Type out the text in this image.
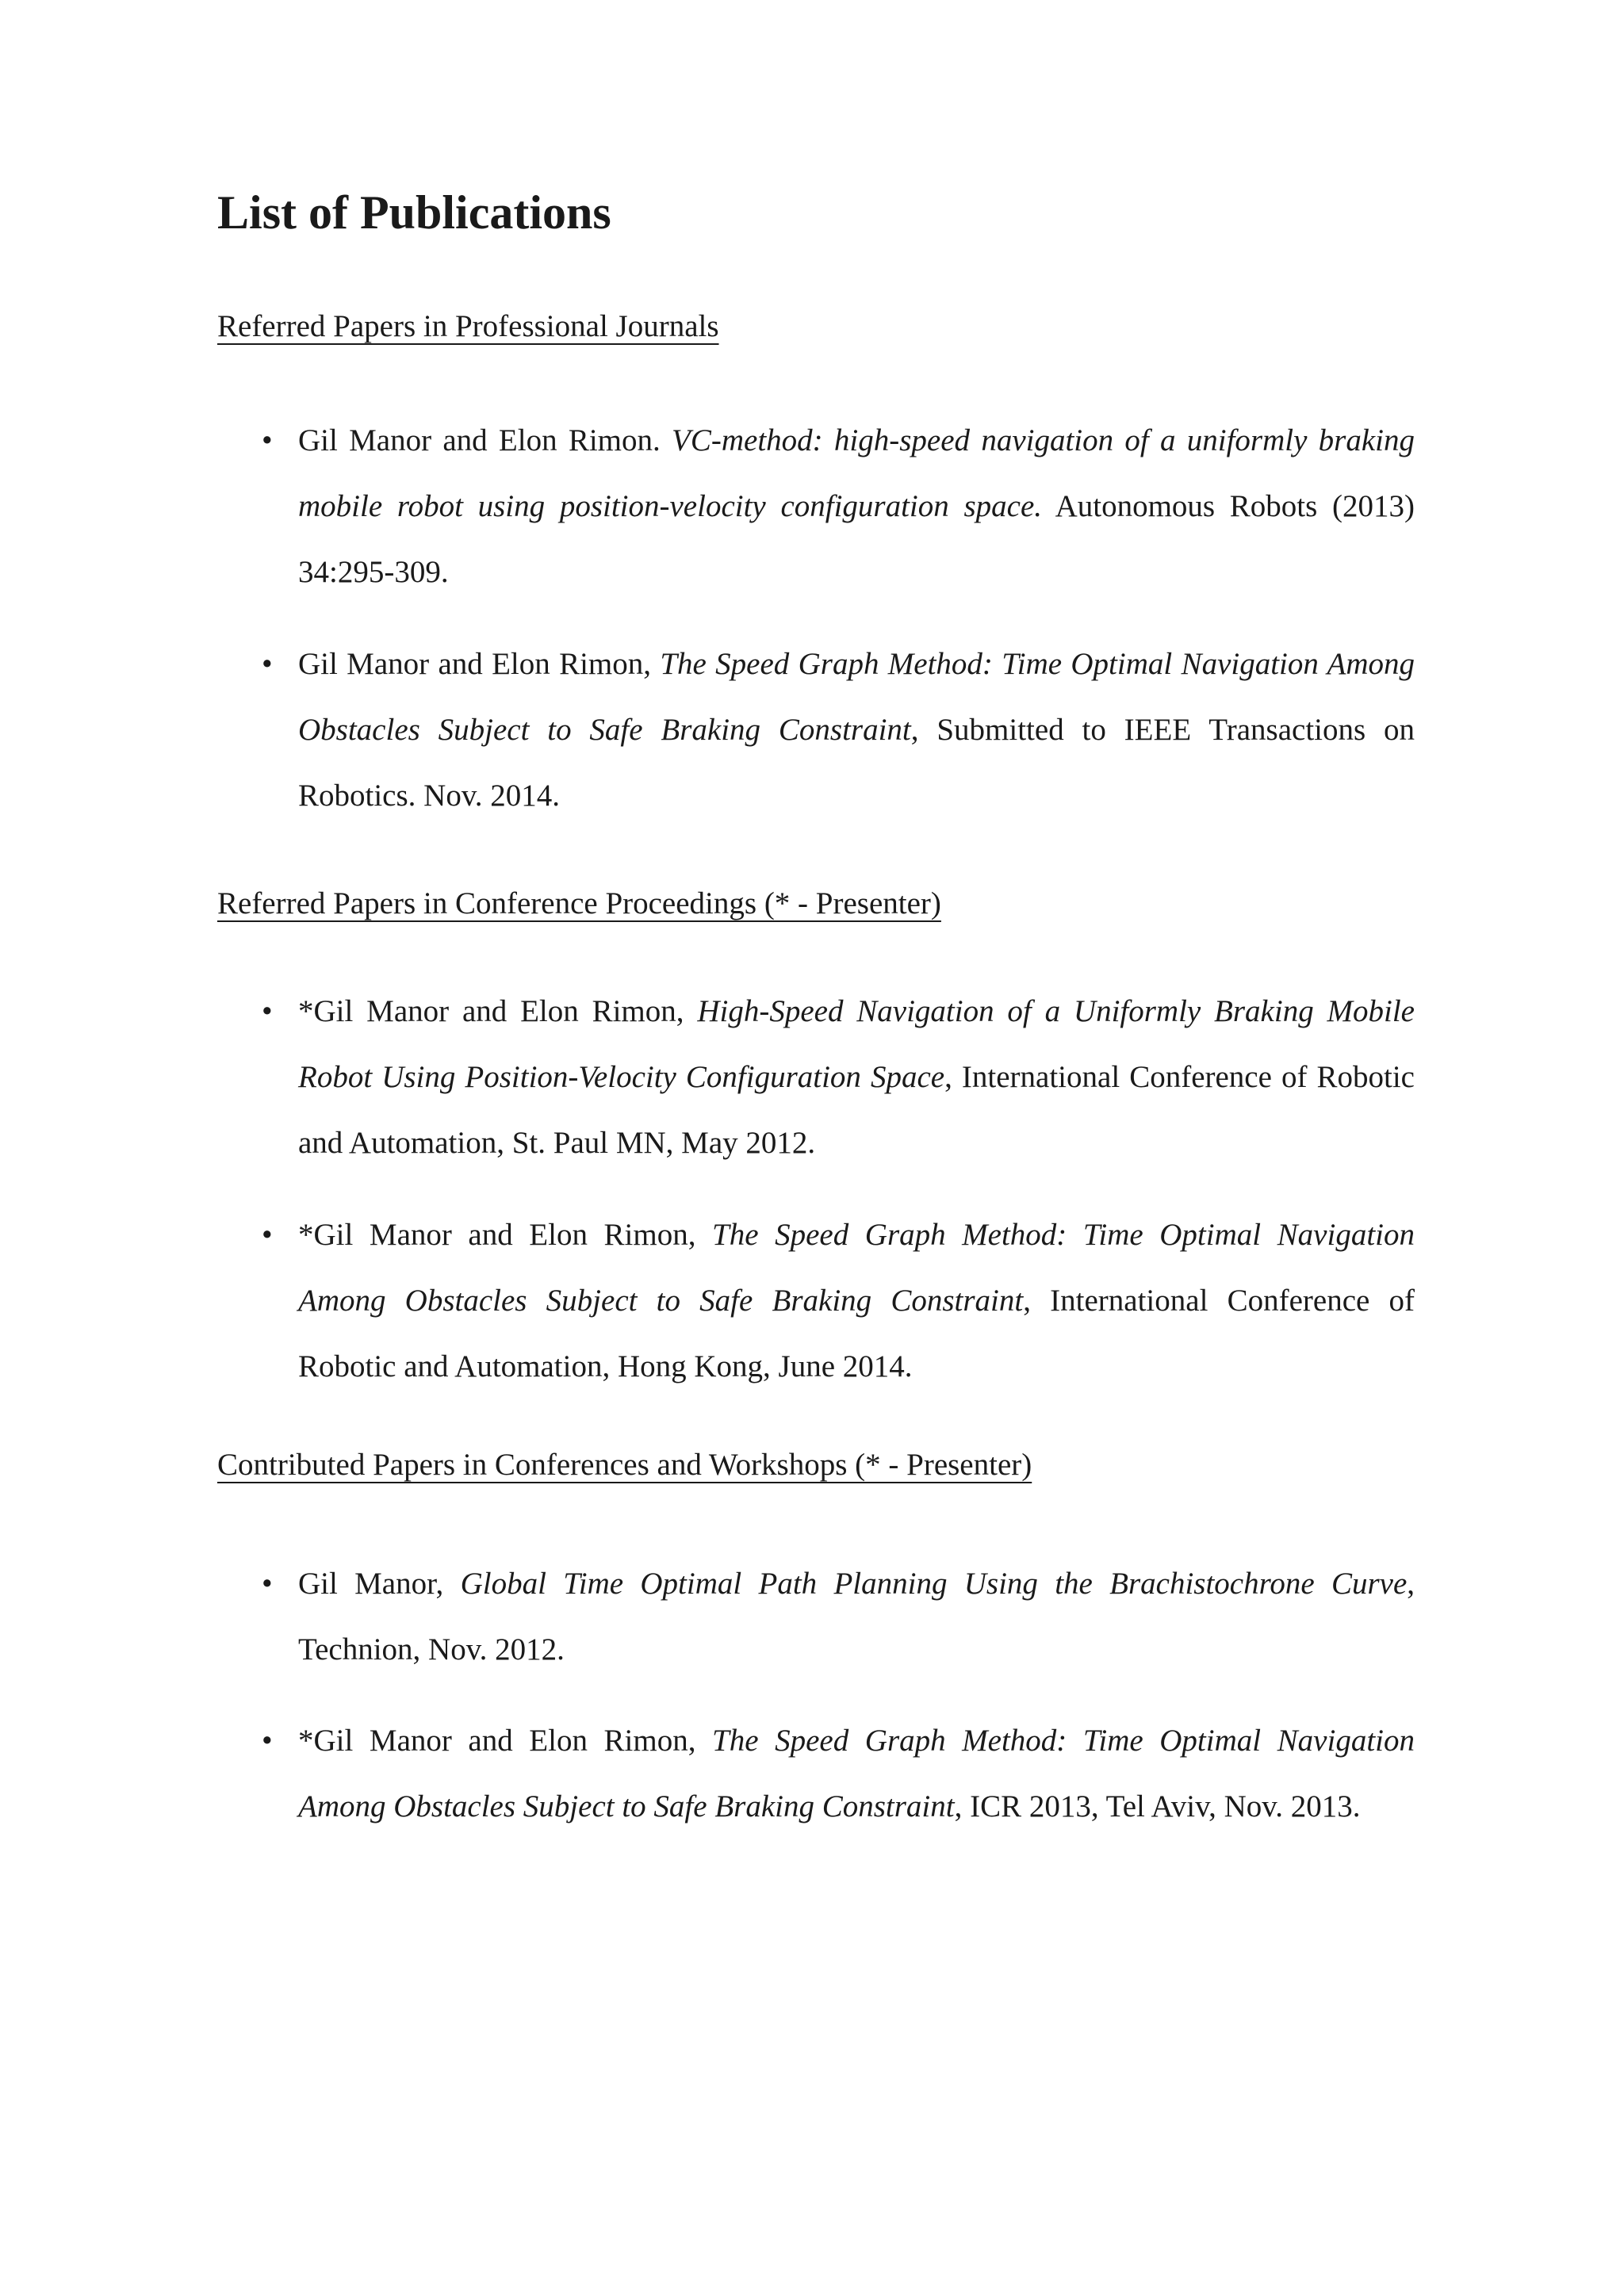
List of Publications
Referred Papers in Professional Journals

• Gil Manor and Elon Rimon. VC-method: high-speed navigation of a uniformly braking mobile robot using position-velocity configuration space. Autonomous Robots (2013) 34:295-309.

• Gil Manor and Elon Rimon, The Speed Graph Method: Time Optimal Navigation Among Obstacles Subject to Safe Braking Constraint, Submitted to IEEE Transactions on Robotics. Nov. 2014.

Referred Papers in Conference Proceedings (* - Presenter)

• *Gil Manor and Elon Rimon, High-Speed Navigation of a Uniformly Braking Mobile Robot Using Position-Velocity Configuration Space, International Conference of Robotic and Automation, St. Paul MN, May 2012.

• *Gil Manor and Elon Rimon, The Speed Graph Method: Time Optimal Navigation Among Obstacles Subject to Safe Braking Constraint, International Conference of Robotic and Automation, Hong Kong, June 2014.

Contributed Papers in Conferences and Workshops (* - Presenter)

• Gil Manor, Global Time Optimal Path Planning Using the Brachistochrone Curve, Technion, Nov. 2012.

• *Gil Manor and Elon Rimon, The Speed Graph Method: Time Optimal Navigation Among Obstacles Subject to Safe Braking Constraint, ICR 2013, Tel Aviv, Nov. 2013.
